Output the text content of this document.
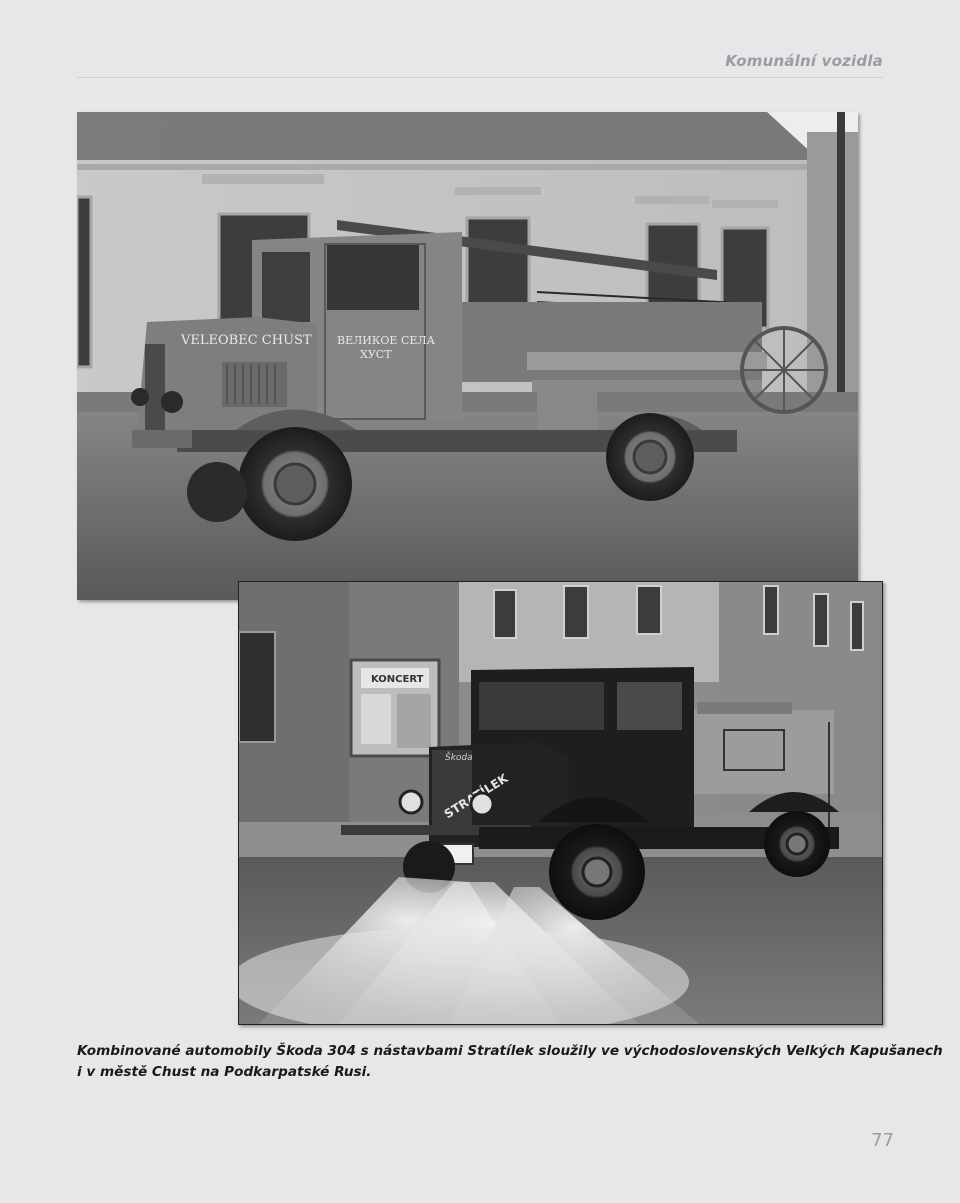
Komunální vozidla
VELEOBEC CHUST ВЕЛИКОЕ СЕЛА
ХУСТ
KONCERT
Škoda
Kombinované automobily Škoda 304 s nástavbami Stratílek sloužily ve východoslovenských Velkých Kapušanech
i v městě Chust na Podkarpatské Rusi.
77
